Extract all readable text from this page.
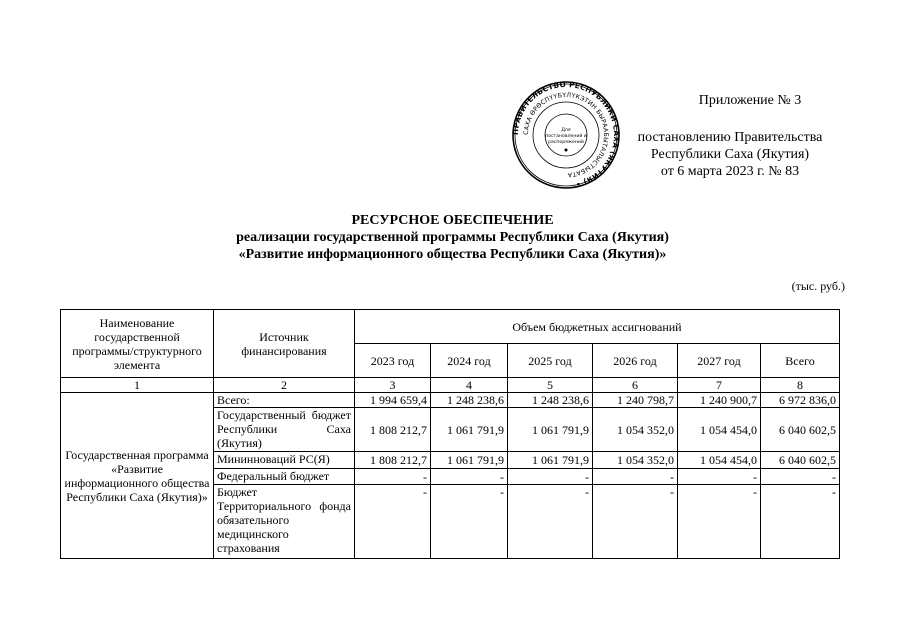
ПРАВИТЕЛЬСТВО РЕСПУБЛИКИ САХА (ЯКУТИЯ) •
САХА ӨРӨСПҮҮБҮЛҮКЭТИН БЫРААБЫТАЛЫСТЫБАТА
Для
постановлений и
распоряжений
Приложение № 3
постановлению Правительства
Республики Саха (Якутия)
от 6 марта 2023 г. № 83
РЕСУРСНОЕ ОБЕСПЕЧЕНИЕ
реализации государственной программы Республики Саха (Якутия)
«Развитие информационного общества Республики Саха (Якутия)»
(тыс. руб.)
Наименование государственной программы/структурного элемента	Источник финансирования	Объем бюджетных ассигнований					
		2023 год	2024 год	2025 год	2026 год	2027 год	Всего
1	2	3	4	5	6	7	8
Государственная программа «Развитие информационного общества Республики Саха (Якутия)»	Всего:	1 994 659,4	1 248 238,6	1 248 238,6	1 240 798,7	1 240 900,7	6 972 836,0
	Государственный бюджет Республики Саха (Якутия)	1 808 212,7	1 061 791,9	1 061 791,9	1 054 352,0	1 054 454,0	6 040 602,5
	Мининноваций РС(Я)	1 808 212,7	1 061 791,9	1 061 791,9	1 054 352,0	1 054 454,0	6 040 602,5
	Федеральный бюджет	-	-	-	-	-	-
	Бюджет Территориального фонда обязательного медицинского страхования	-	-	-	-	-	-
